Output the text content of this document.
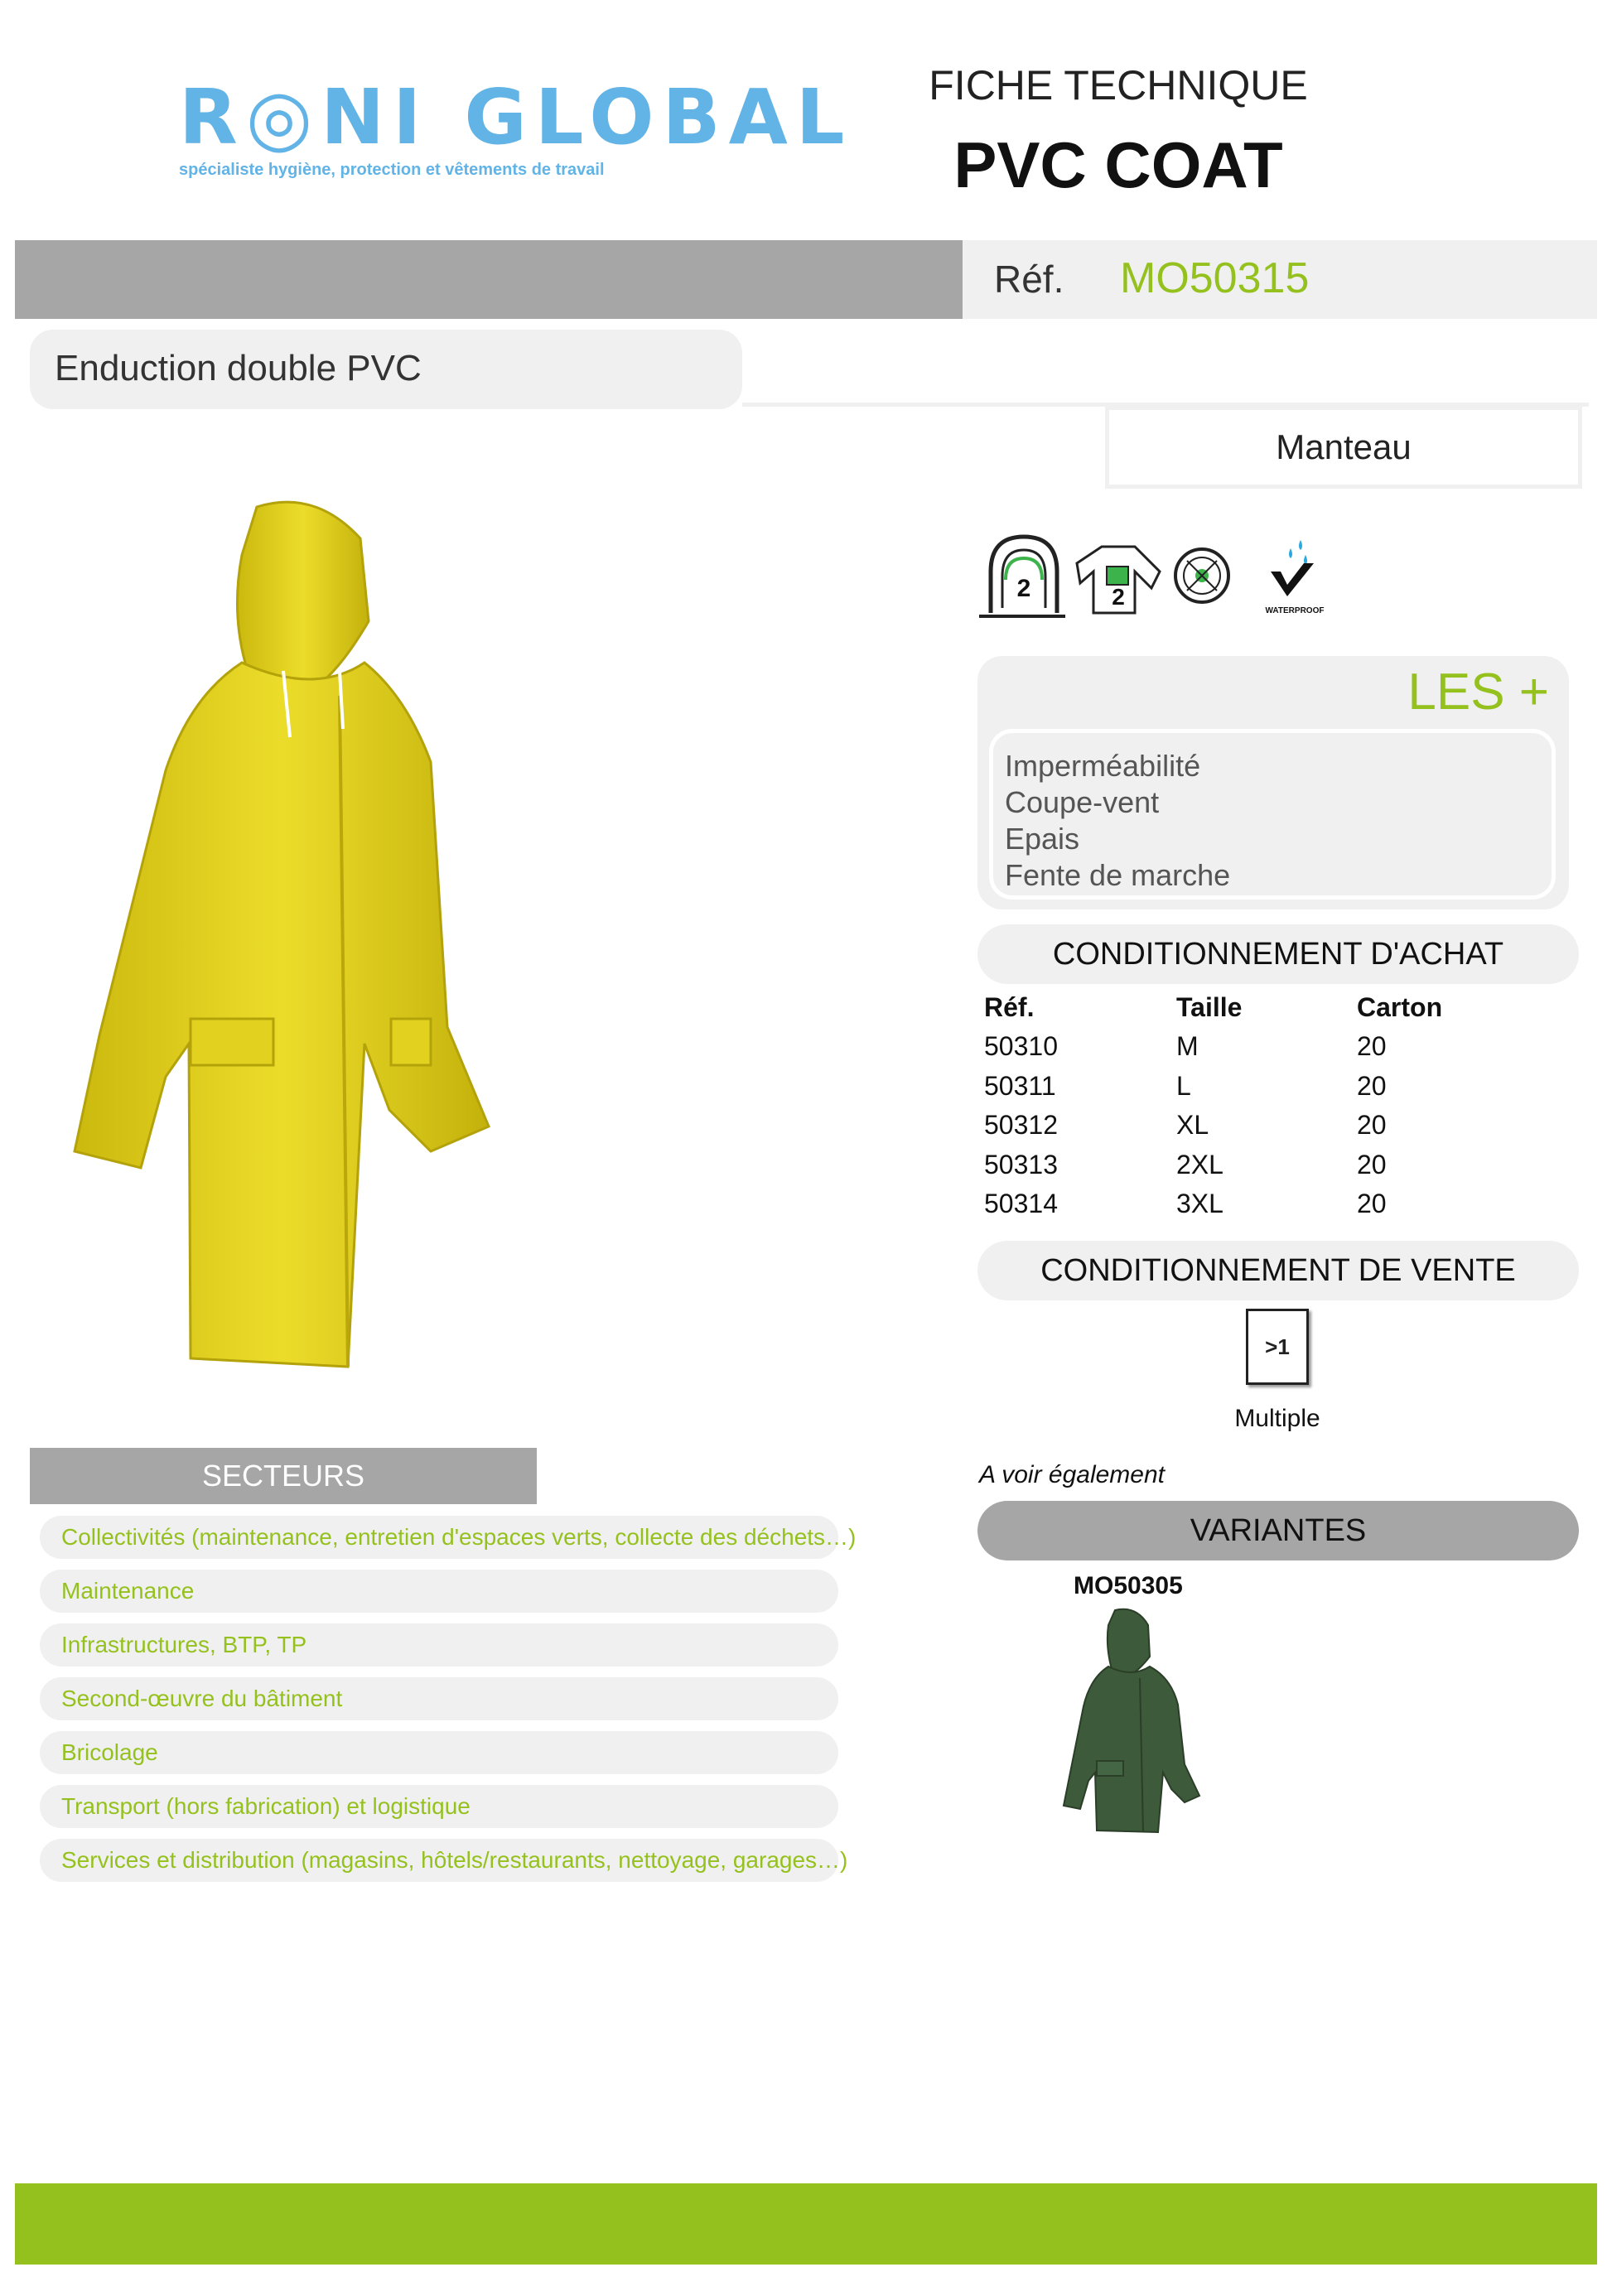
R◎NI GLOBAL
spécialiste hygiène, protection et vêtements de travail
FICHE TECHNIQUE
PVC COAT
Réf. MO50315
Enduction double PVC
Manteau
2	2
WATERPROOF
LES +
Imperméabilité
Coupe-vent
Epais
Fente de marche
CONDITIONNEMENT D'ACHAT
Réf.	Taille	Carton
50310	M	20
50311	L	20
50312	XL	20
50313	2XL	20
50314	3XL	20
CONDITIONNEMENT DE VENTE
>1
Multiple
A voir également
VARIANTES
MO50305
SECTEURS
Collectivités (maintenance, entretien d'espaces verts, collecte des déchets…)
Maintenance
Infrastructures, BTP, TP
Second-œuvre du bâtiment
Bricolage
Transport (hors fabrication) et logistique
Services et distribution (magasins, hôtels/restaurants, nettoyage, garages…)
